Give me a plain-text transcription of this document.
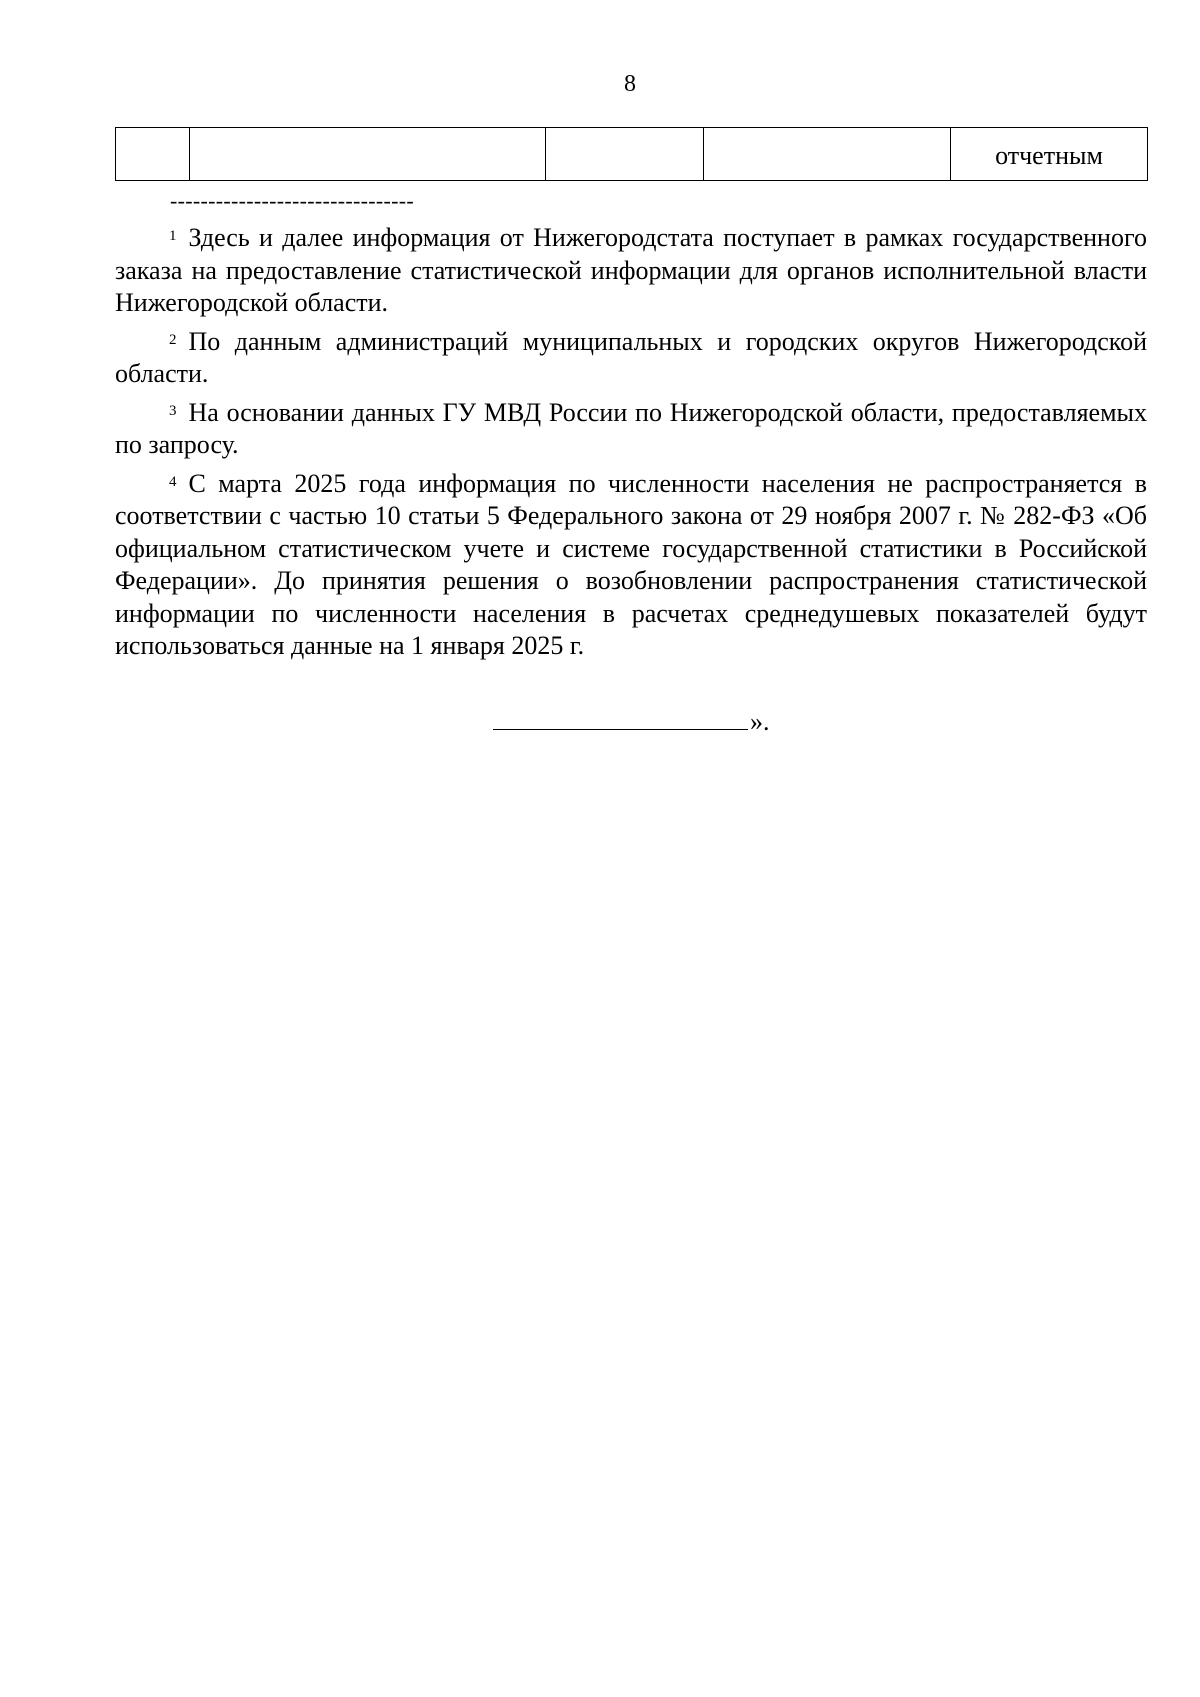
8
				отчетным
--------------------------------

$^1$ Здесь и далее информация от Нижегородстата поступает в рамках государственного заказа на предоставление статистической информации для органов исполнительной власти Нижегородской области.

$^2$ По данным администраций муниципальных и городских округов Нижегородской области.

$^3$ На основании данных ГУ МВД России по Нижегородской области, предоставляемых по запросу.

$^4$ С марта 2025 года информация по численности населения не распространяется в соответствии с частью 10 статьи 5 Федерального закона от 29 ноября 2007 г. № 282-ФЗ «Об официальном статистическом учете и системе государственной статистики в Российской Федерации». До принятия решения о возобновлении распространения статистической информации по численности населения в расчетах среднедушевых показателей будут использоваться данные на 1 января 2025 г.

».
